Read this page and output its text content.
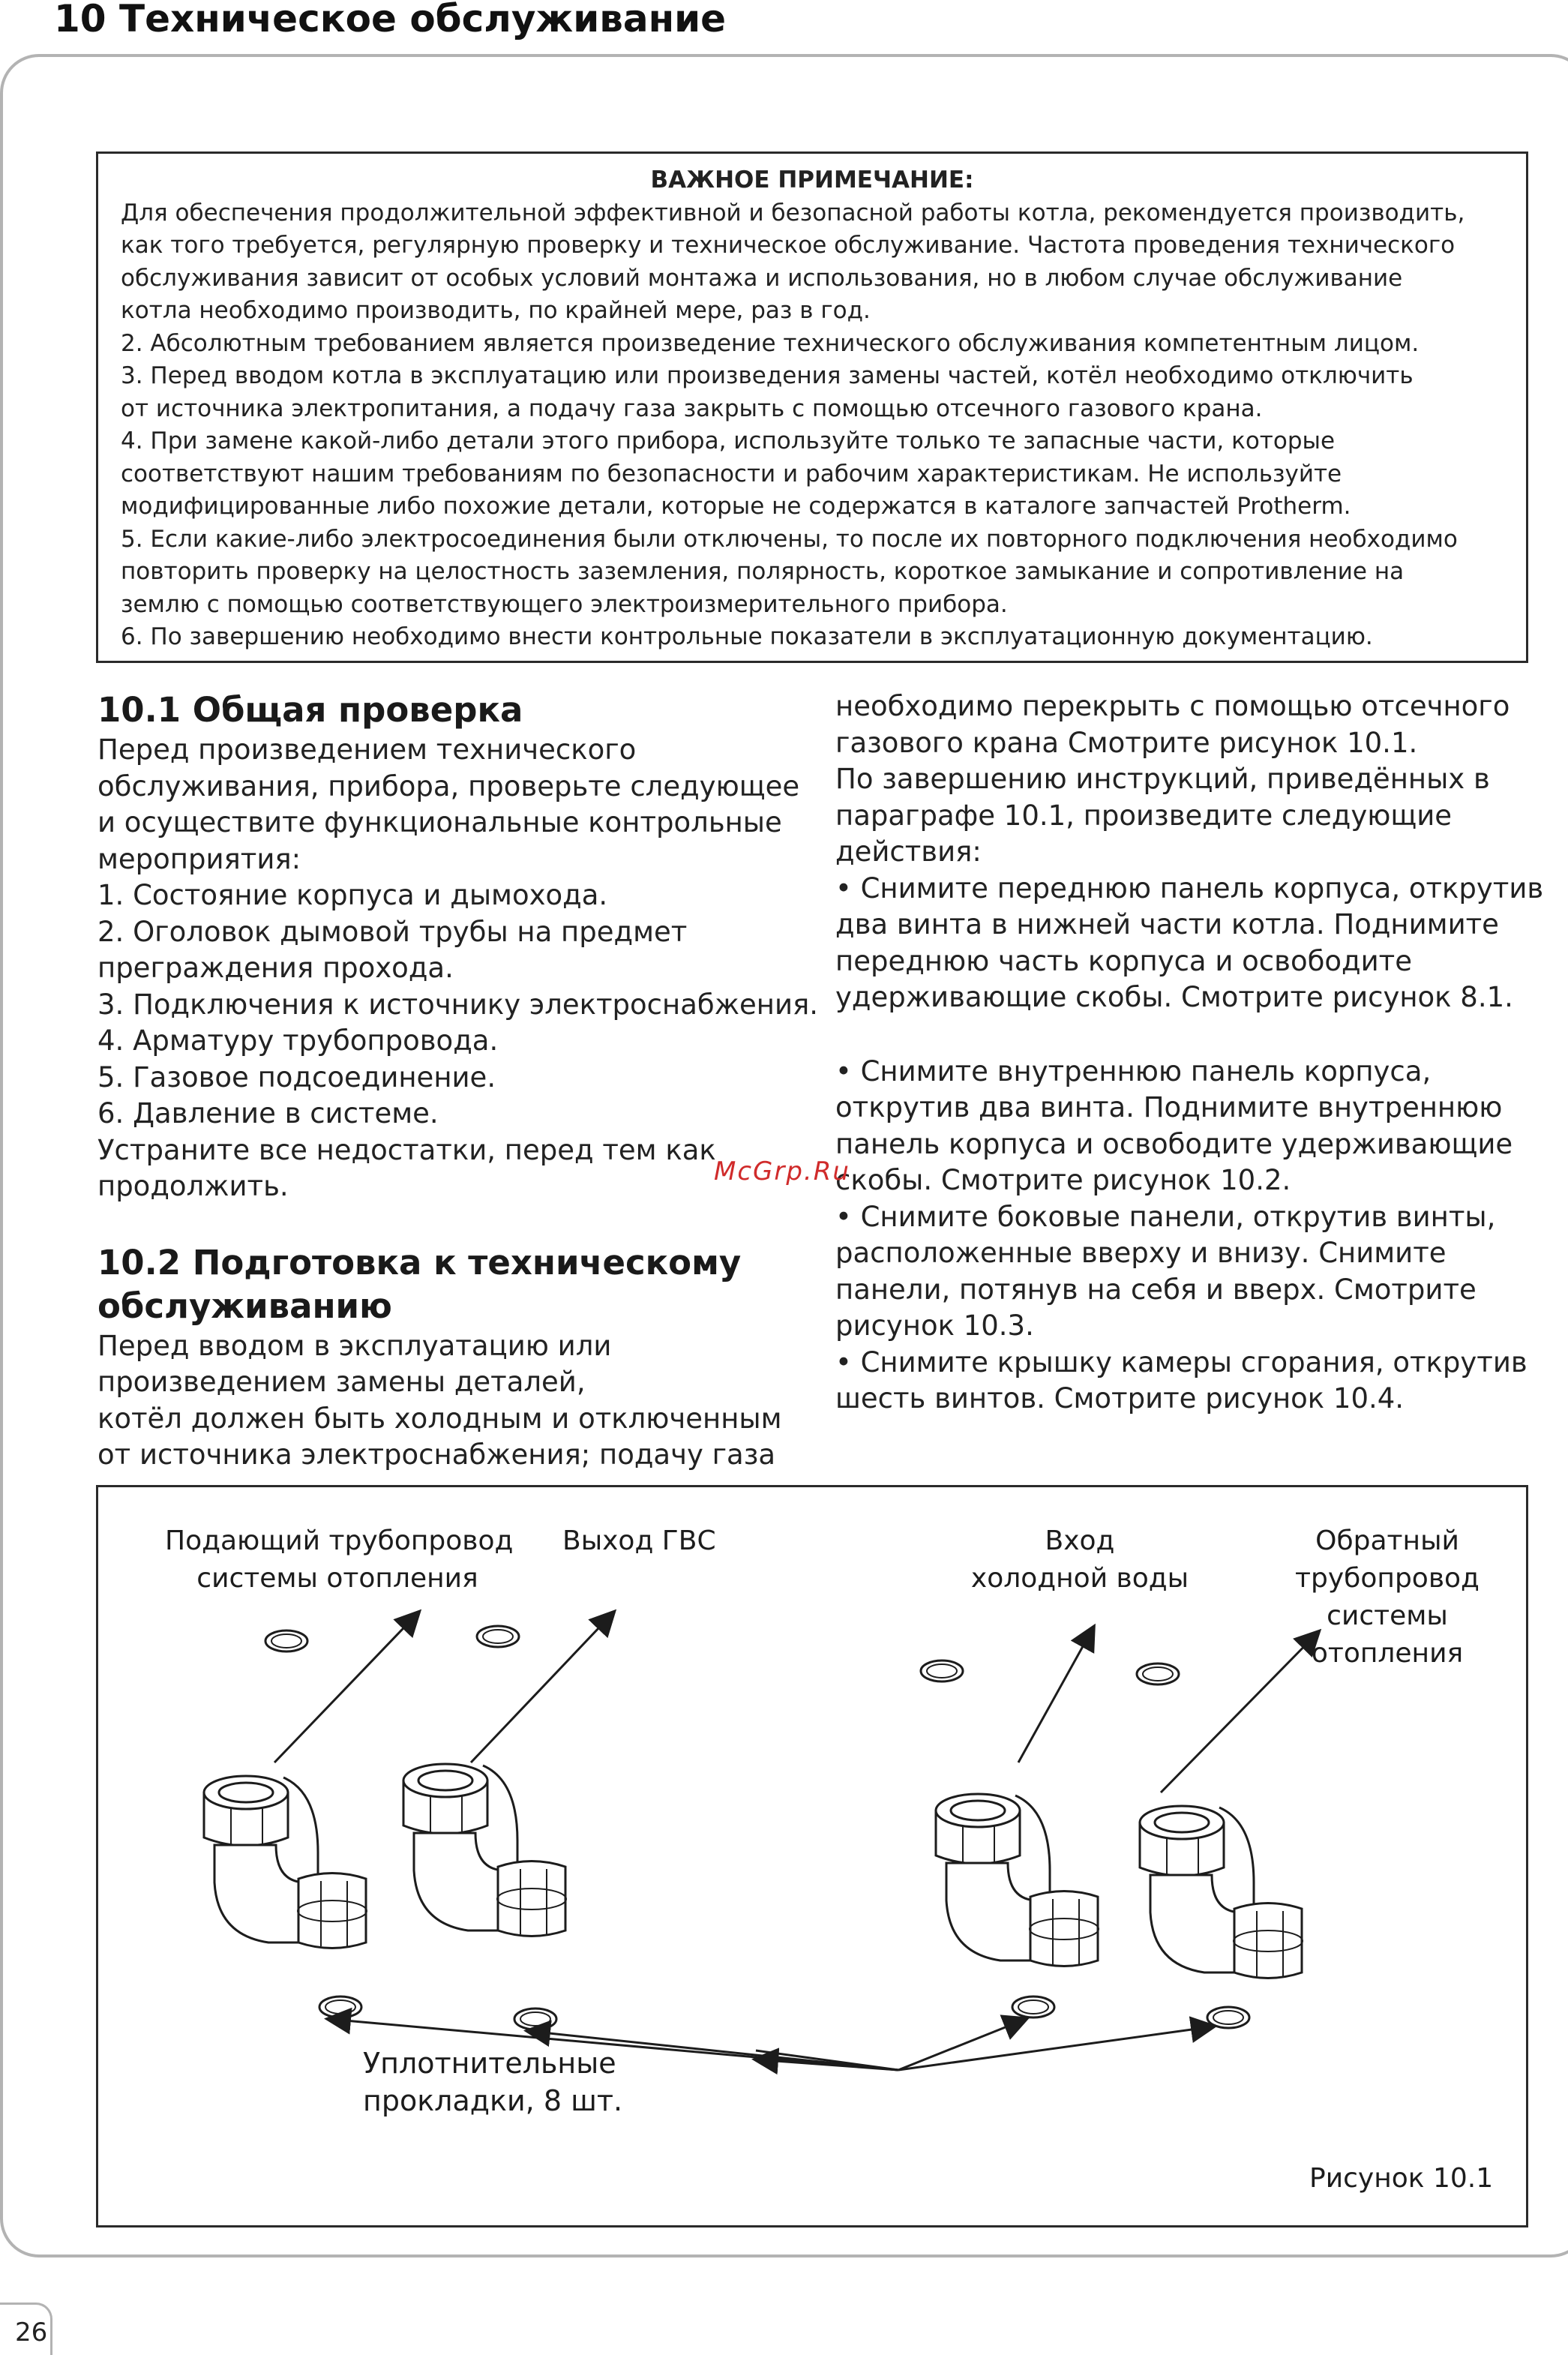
10 Техническое обслуживание
ВАЖНОЕ ПРИМЕЧАНИЕ:
Для обеспечения продолжительной эффективной и безопасной работы котла, рекомендуется производить,
как того требуется, регулярную проверку и техническое обслуживание. Частота проведения технического
обслуживания зависит от особых условий монтажа и использования, но в любом случае обслуживание
котла необходимо производить, по крайней мере, раз в год.
2. Абсолютным требованием является произведение технического обслуживания компетентным лицом.
3. Перед вводом котла в эксплуатацию или произведения замены частей, котёл необходимо отключить
от источника электропитания, а подачу газа закрыть с помощью отсечного газового крана.
4. При замене какой-либо детали этого прибора, используйте только те запасные части, которые
соответствуют нашим требованиям по безопасности и рабочим характеристикам. Не используйте
модифицированные либо похожие детали, которые не содержатся в каталоге запчастей Protherm.
5. Если какие-либо электросоединения были отключены, то после их повторного подключения необходимо
повторить проверку на целостность заземления, полярность, короткое замыкание и сопротивление на
землю с помощью соответствующего электроизмерительного прибора.
6. По завершению необходимо внести контрольные показатели в эксплуатационную документацию.
10.1 Общая проверка
Перед произведением технического
обслуживания, прибора, проверьте следующее
и осуществите функциональные контрольные
мероприятия:
1. Состояние корпуса и дымохода.
2. Оголовок дымовой трубы на предмет
преграждения прохода.
3. Подключения к источнику электроснабжения.
4. Арматуру трубопровода.
5. Газовое подсоединение.
6. Давление в системе.
Устраните все недостатки, перед тем как
продолжить.
10.2 Подготовка к техническому
обслуживанию
Перед вводом в эксплуатацию или
произведением замены деталей,
котёл должен быть холодным и отключенным
от источника электроснабжения; подачу газа
необходимо перекрыть с помощью отсечного
газового крана Смотрите рисунок 10.1.
По завершению инструкций, приведённых в
параграфе 10.1, произведите следующие
действия:
• Снимите переднюю панель корпуса, открутив
два винта в нижней части котла. Поднимите
переднюю часть корпуса и освободите
удерживающие скобы. Смотрите рисунок 8.1.
• Снимите внутреннюю панель корпуса,
открутив два винта. Поднимите внутреннюю
панель корпуса и освободите удерживающие
скобы. Смотрите рисунок 10.2.
• Снимите боковые панели, открутив винты,
расположенные вверху и внизу. Снимите
панели, потянув на себя и вверх. Смотрите
рисунок 10.3.
• Снимите крышку камеры сгорания, открутив
шесть винтов. Смотрите рисунок 10.4.
McGrp.Ru
Подающий трубопровод
системы отопления
Выход ГВС	Вход
холодной воды
Обратный
трубопровод
системы
отопления
Уплотнительные
прокладки, 8 шт.
Рисунок 10.1
26
